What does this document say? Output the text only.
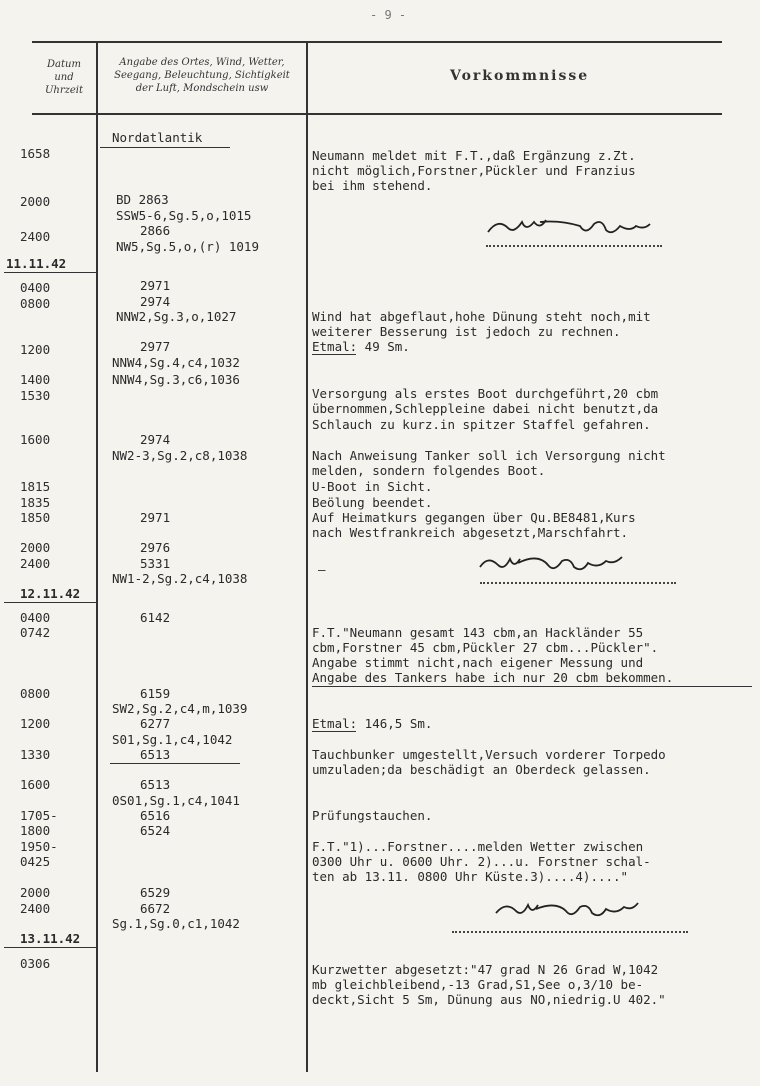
- 9 -
Datum
und
Uhrzeit
Angabe des Ortes, Wind, Wetter,
Seegang, Beleuchtung, Sichtigkeit
der Luft, Mondschein usw
Vorkommnisse
Nordatlantik
1658
2000
2400
11.11.42
0400
0800
1200
1400
1530
1600
1815
1835
1850
2000
2400
12.11.42
0400
0742
0800
1200
1330
1600
1705-
1800
1950-
0425
2000
2400
13.11.42
0306
BD 2863
SSW5-6,Sg.5,o,1015
2866
NW5,Sg.5,o,(r) 1019
2971
2974
NNW2,Sg.3,o,1027
2977
NNW4,Sg.4,c4,1032
NNW4,Sg.3,c6,1036
2974
NW2-3,Sg.2,c8,1038
2971
2976
5331
NW1-2,Sg.2,c4,1038
6142
6159
SW2,Sg.2,c4,m,1039
6277
S01,Sg.1,c4,1042
6513
6513
0S01,Sg.1,c4,1041
6516
6524
6529
6672
Sg.1,Sg.0,c1,1042
Neumann meldet mit F.T.,daß Ergänzung z.Zt.
nicht möglich,Forstner,Pückler und Franzius
bei ihm stehend.
Wind hat abgeflaut,hohe Dünung steht noch,mit
weiterer Besserung ist jedoch zu rechnen.
Etmal: 49 Sm.
Versorgung als erstes Boot durchgeführt,20 cbm
übernommen,Schleppleine dabei nicht benutzt,da
Schlauch zu kurz.in spitzer Staffel gefahren.
Nach Anweisung Tanker soll ich Versorgung nicht
melden, sondern folgendes Boot.
U-Boot in Sicht.
Beölung beendet.
Auf Heimatkurs gegangen über Qu.BE8481,Kurs
nach Westfrankreich abgesetzt,Marschfahrt.
–
F.T."Neumann gesamt 143 cbm,an Hackländer 55
cbm,Forstner 45 cbm,Pückler 27 cbm...Pückler".
Angabe stimmt nicht,nach eigener Messung und
Angabe des Tankers habe ich nur 20 cbm bekommen.
Etmal: 146,5 Sm.
Tauchbunker umgestellt,Versuch vorderer Torpedo
umzuladen;da beschädigt an Oberdeck gelassen.
Prüfungstauchen.
F.T."1)...Forstner....melden Wetter zwischen
0300 Uhr u. 0600 Uhr. 2)...u. Forstner schal-
ten ab 13.11. 0800 Uhr Küste.3)....4)...."
Kurzwetter abgesetzt:"47 grad N 26 Grad W,1042
mb gleichbleibend,-13 Grad,S1,See o,3/10 be-
deckt,Sicht 5 Sm, Dünung aus NO,niedrig.U 402."
